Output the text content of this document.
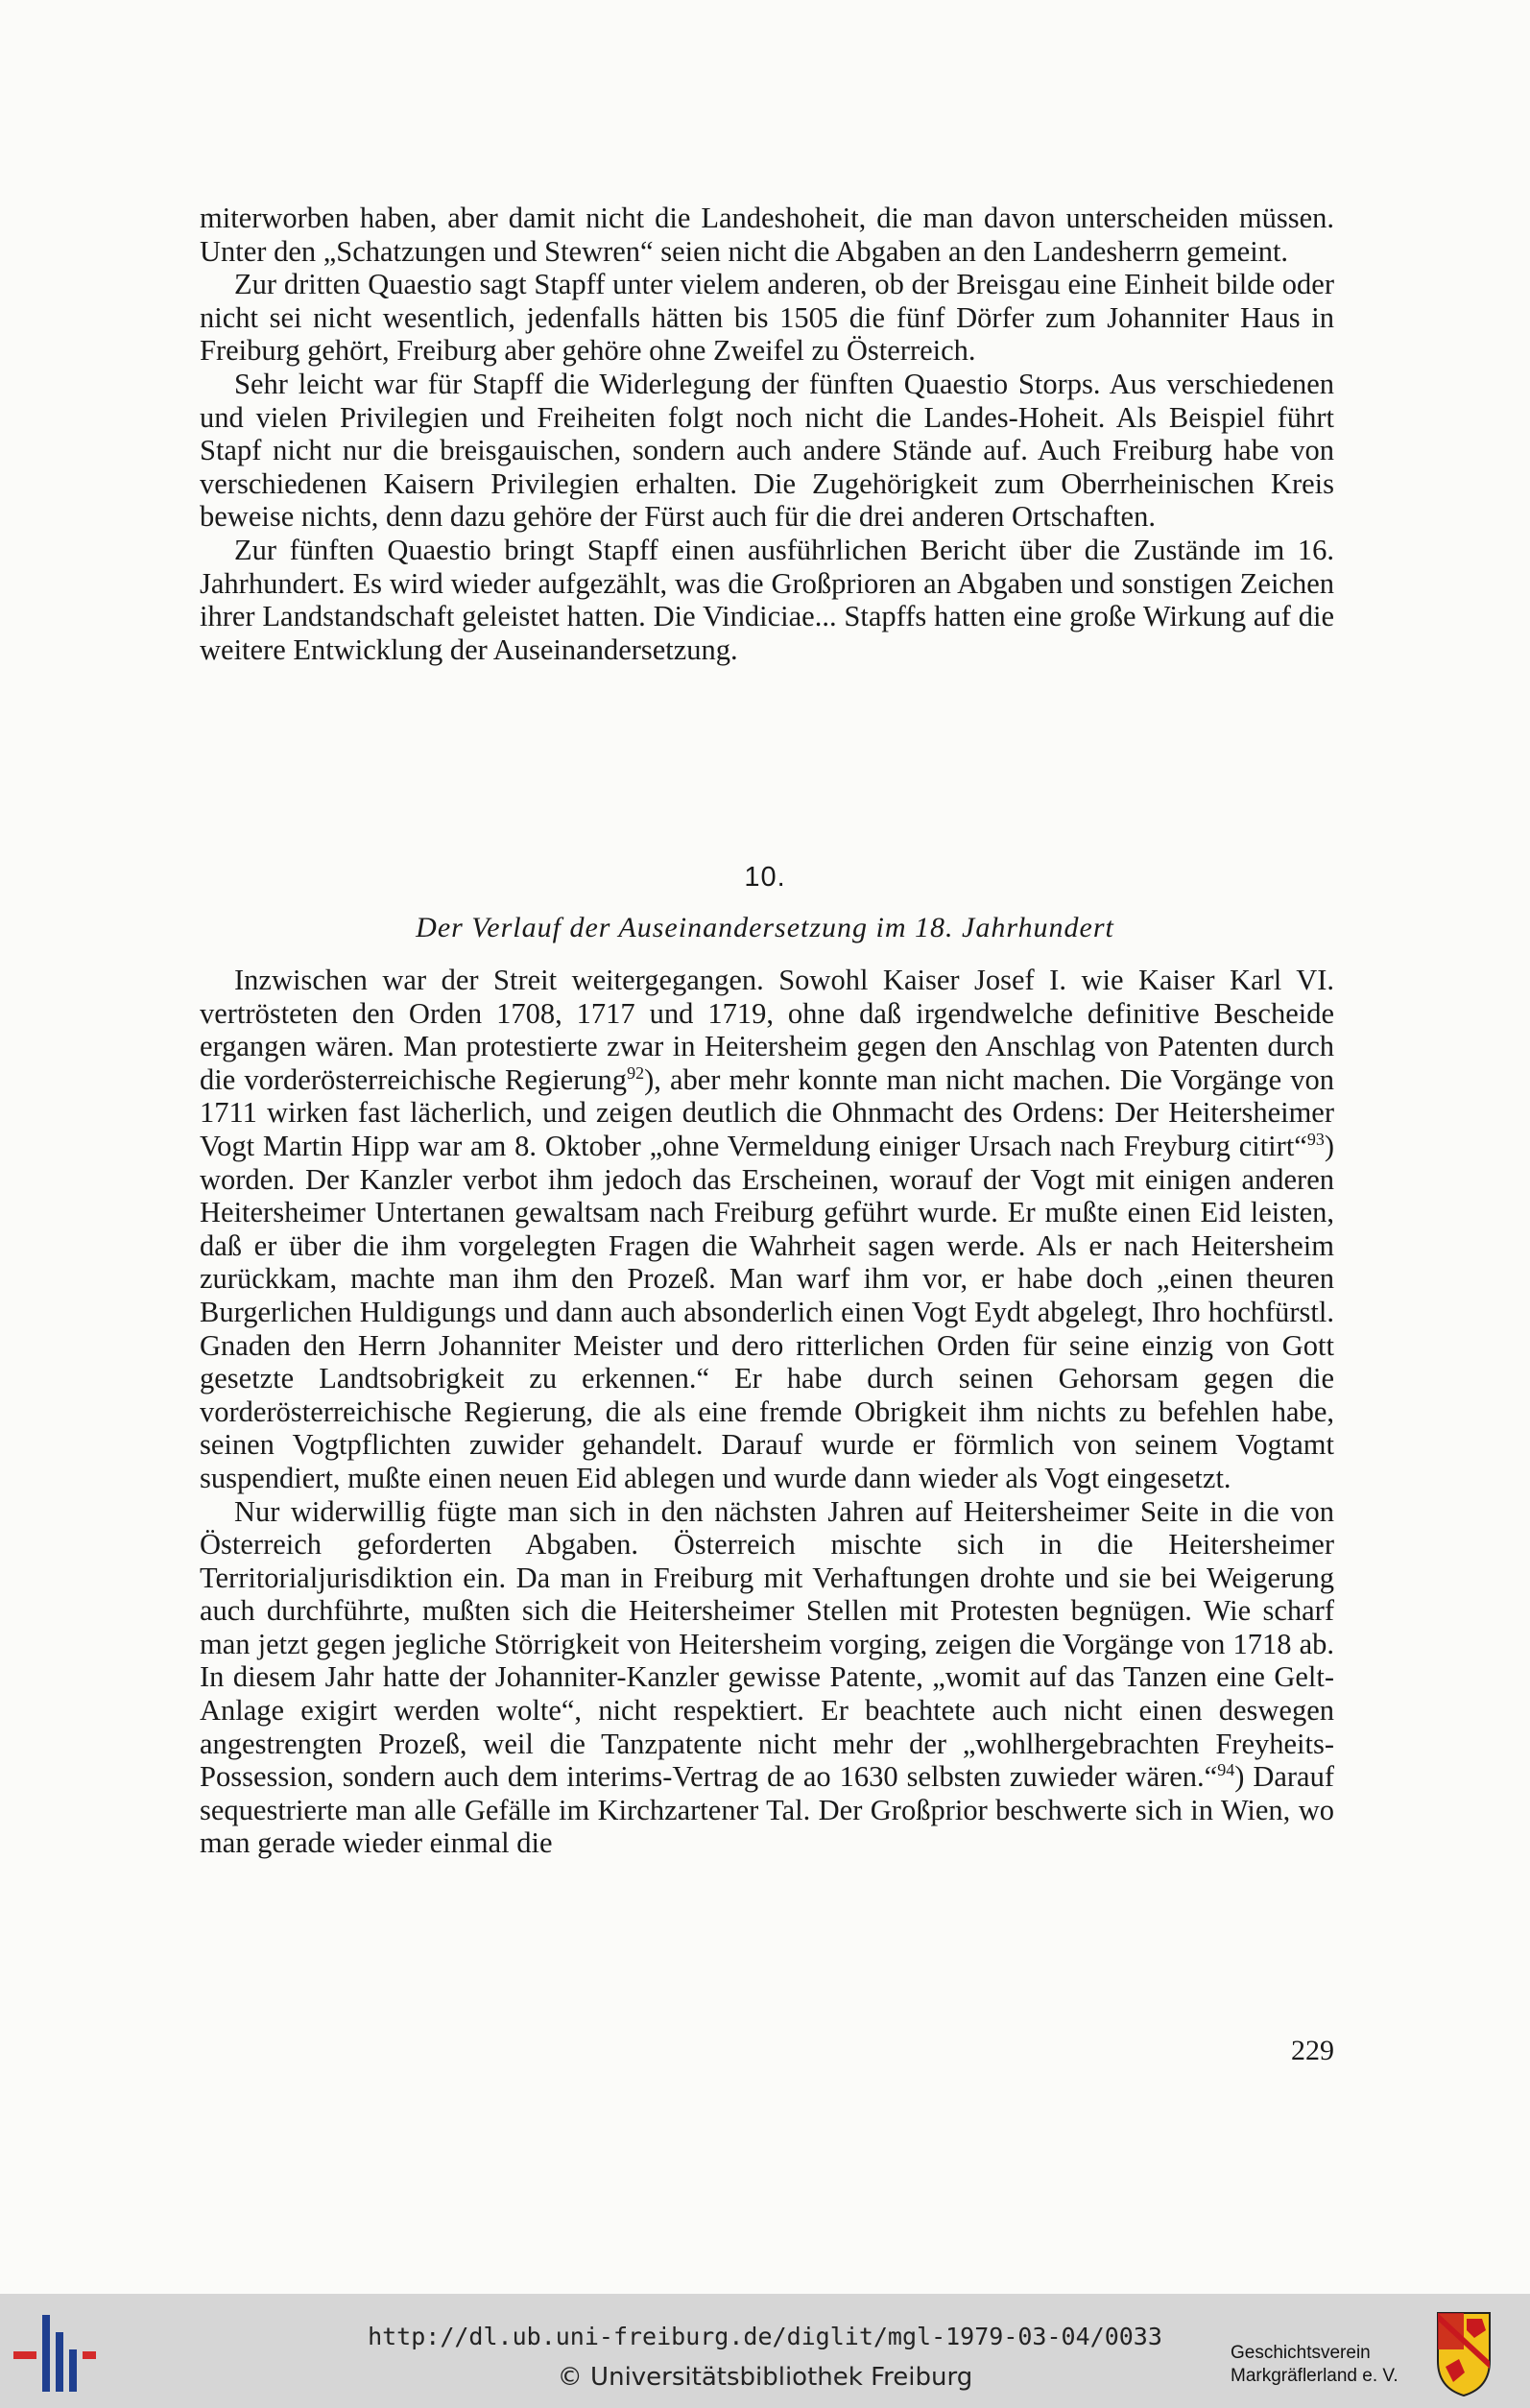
miterworben haben, aber damit nicht die Landeshoheit, die man davon unterscheiden müssen. Unter den „Schatzungen und Stewren“ seien nicht die Abgaben an den Landesherrn gemeint.

Zur dritten Quaestio sagt Stapff unter vielem anderen, ob der Breisgau eine Einheit bilde oder nicht sei nicht wesentlich, jedenfalls hätten bis 1505 die fünf Dörfer zum Johanniter Haus in Freiburg gehört, Freiburg aber gehöre ohne Zweifel zu Österreich.

Sehr leicht war für Stapff die Widerlegung der fünften Quaestio Storps. Aus verschiedenen und vielen Privilegien und Freiheiten folgt noch nicht die Landes-Hoheit. Als Beispiel führt Stapf nicht nur die breisgauischen, sondern auch andere Stände auf. Auch Freiburg habe von verschiedenen Kaisern Privilegien erhalten. Die Zugehörigkeit zum Oberrheinischen Kreis beweise nichts, denn dazu gehöre der Fürst auch für die drei anderen Ortschaften.

Zur fünften Quaestio bringt Stapff einen ausführlichen Bericht über die Zustände im 16. Jahrhundert. Es wird wieder aufgezählt, was die Großprioren an Abgaben und sonstigen Zeichen ihrer Landstandschaft geleistet hatten. Die Vindiciae... Stapffs hatten eine große Wirkung auf die weitere Entwicklung der Auseinandersetzung.

10.
Der Verlauf der Auseinandersetzung im 18. Jahrhundert

Inzwischen war der Streit weitergegangen. Sowohl Kaiser Josef I. wie Kaiser Karl VI. vertrösteten den Orden 1708, 1717 und 1719, ohne daß irgendwelche definitive Bescheide ergangen wären. Man protestierte zwar in Heitersheim gegen den Anschlag von Patenten durch die vorderösterreichische Regierung$^{92}$), aber mehr konnte man nicht machen. Die Vorgänge von 1711 wirken fast lächerlich, und zeigen deutlich die Ohnmacht des Ordens: Der Heitersheimer Vogt Martin Hipp war am 8. Oktober „ohne Vermeldung einiger Ursach nach Freyburg citirt“$^{93}$) worden. Der Kanzler verbot ihm jedoch das Erscheinen, worauf der Vogt mit einigen anderen Heitersheimer Untertanen gewaltsam nach Freiburg geführt wurde. Er mußte einen Eid leisten, daß er über die ihm vorgelegten Fragen die Wahrheit sagen werde. Als er nach Heitersheim zurückkam, machte man ihm den Prozeß. Man warf ihm vor, er habe doch „einen theuren Burgerlichen Huldigungs und dann auch absonderlich einen Vogt Eydt abgelegt, Ihro hochfürstl. Gnaden den Herrn Johanniter Meister und dero ritterlichen Orden für seine einzig von Gott gesetzte Landtsobrigkeit zu erkennen.“ Er habe durch seinen Gehorsam gegen die vorderösterreichische Regierung, die als eine fremde Obrigkeit ihm nichts zu befehlen habe, seinen Vogtpflichten zuwider gehandelt. Darauf wurde er förmlich von seinem Vogtamt suspendiert, mußte einen neuen Eid ablegen und wurde dann wieder als Vogt eingesetzt.

Nur widerwillig fügte man sich in den nächsten Jahren auf Heitersheimer Seite in die von Österreich geforderten Abgaben. Österreich mischte sich in die Heitersheimer Territorialjurisdiktion ein. Da man in Freiburg mit Verhaftungen drohte und sie bei Weigerung auch durchführte, mußten sich die Heitersheimer Stellen mit Protesten begnügen. Wie scharf man jetzt gegen jegliche Störrigkeit von Heitersheim vorging, zeigen die Vorgänge von 1718 ab. In diesem Jahr hatte der Johanniter-Kanzler gewisse Patente, „womit auf das Tanzen eine Gelt-Anlage exigirt werden wolte“, nicht respektiert. Er beachtete auch nicht einen deswegen angestrengten Prozeß, weil die Tanzpatente nicht mehr der „wohlhergebrachten Freyheits-Possession, sondern auch dem interims-Vertrag de ao 1630 selbsten zuwieder wären.“$^{94}$) Darauf sequestrierte man alle Gefälle im Kirchzartener Tal. Der Großprior beschwerte sich in Wien, wo man gerade wieder einmal die

229
http://dl.ub.uni-freiburg.de/diglit/mgl-1979-03-04/0033
© Universitätsbibliothek Freiburg
Geschichtsverein
Markgräflerland e. V.
